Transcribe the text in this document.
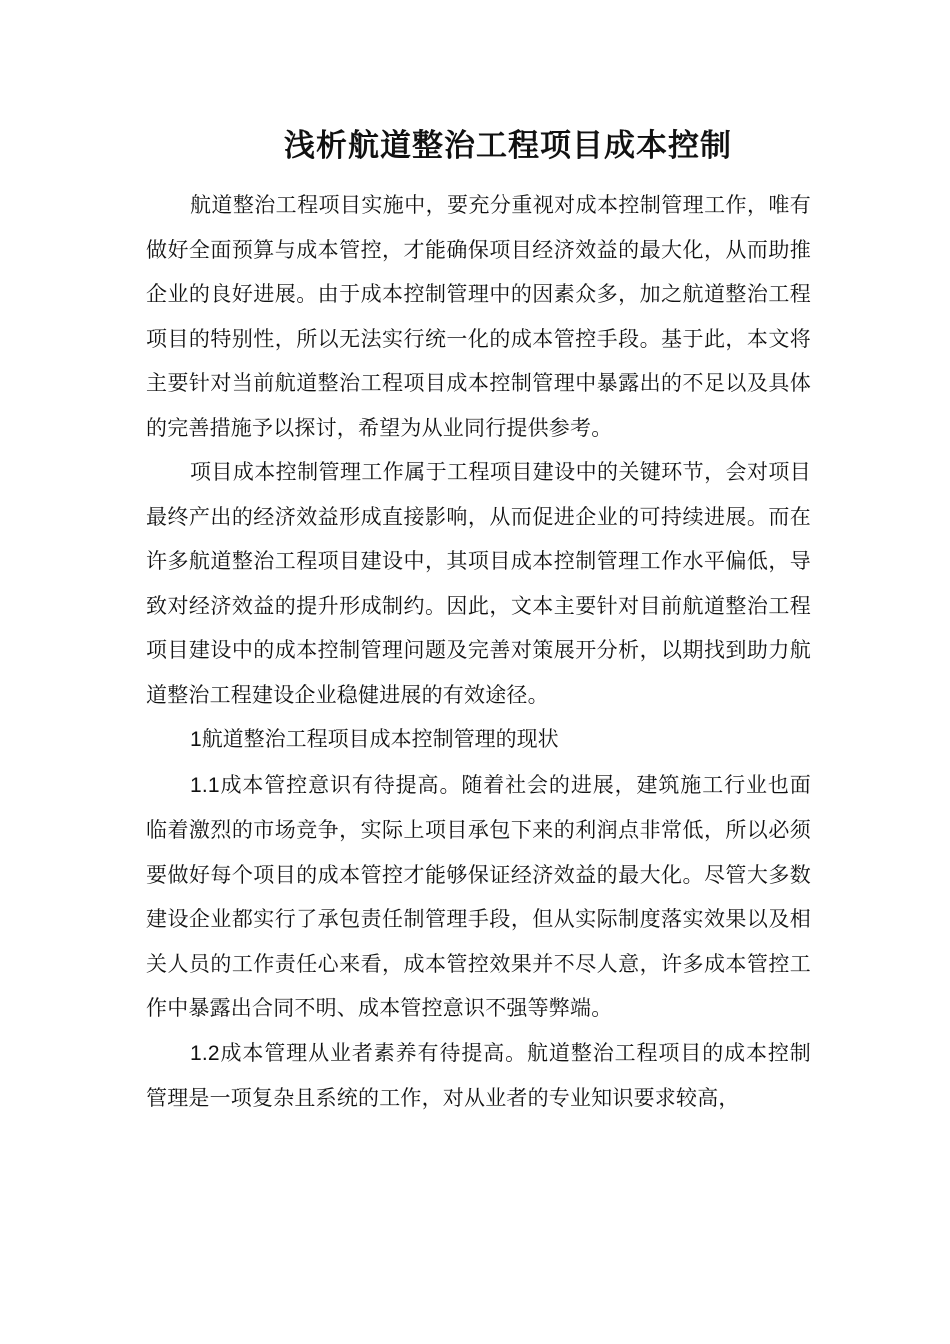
浅析航道整治工程项目成本控制

航道整治工程项目实施中，要充分重视对成本控制管理工作，唯有做好全面预算与成本管控，才能确保项目经济效益的最大化，从而助推企业的良好进展。由于成本控制管理中的因素众多，加之航道整治工程项目的特别性，所以无法实行统一化的成本管控手段。基于此，本文将主要针对当前航道整治工程项目成本控制管理中暴露出的不足以及具体的完善措施予以探讨，希望为从业同行提供参考。

项目成本控制管理工作属于工程项目建设中的关键环节，会对项目最终产出的经济效益形成直接影响，从而促进企业的可持续进展。而在许多航道整治工程项目建设中，其项目成本控制管理工作水平偏低，导致对经济效益的提升形成制约。因此，文本主要针对目前航道整治工程项目建设中的成本控制管理问题及完善对策展开分析，以期找到助力航道整治工程建设企业稳健进展的有效途径。

1航道整治工程项目成本控制管理的现状

1.1成本管控意识有待提高。随着社会的进展，建筑施工行业也面临着激烈的市场竞争，实际上项目承包下来的利润点非常低，所以必须要做好每个项目的成本管控才能够保证经济效益的最大化。尽管大多数建设企业都实行了承包责任制管理手段，但从实际制度落实效果以及相关人员的工作责任心来看，成本管控效果并不尽人意，许多成本管控工作中暴露出合同不明、成本管控意识不强等弊端。

1.2成本管理从业者素养有待提高。航道整治工程项目的成本控制管理是一项复杂且系统的工作，对从业者的专业知识要求较高，
